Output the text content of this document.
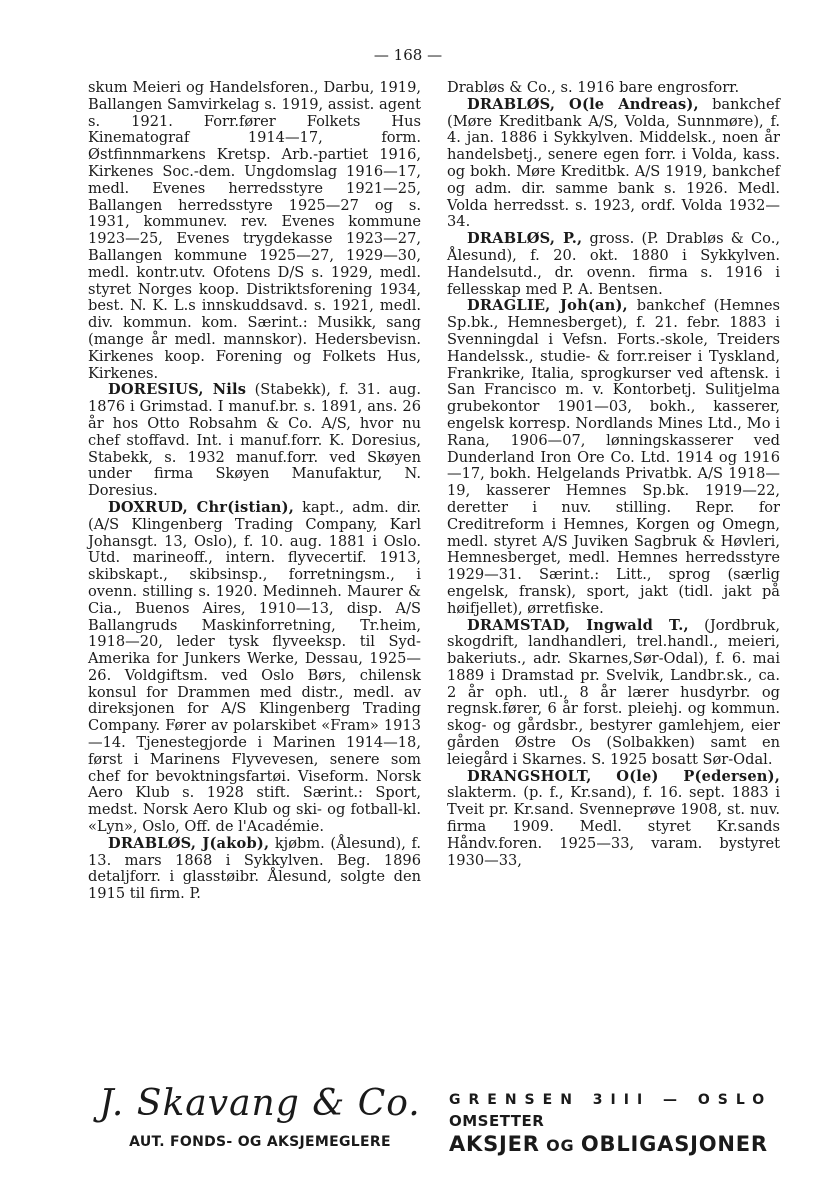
— 168 —

skum Meieri og Handelsforen., Darbu, 1919, Ballangen Samvirkelag s. 1919, assist. agent s. 1921. Forr.fører Folkets Hus Kinematograf 1914—17, form. Østfinnmarkens Kretsp. Arb.-partiet 1916, Kirkenes Soc.-dem. Ungdomslag 1916—17, medl. Evenes herredsstyre 1921—25, Ballangen herredsstyre 1925—27 og s. 1931, kommunev. rev. Evenes kommune 1923—25, Evenes trygdekasse 1923—27, Ballangen kommune 1925—27, 1929—30, medl. kontr.utv. Ofotens D/S s. 1929, medl. styret Norges koop. Distriktsforening 1934, best. N. K. L.s innskuddsavd. s. 1921, medl. div. kommun. kom. Særint.: Musikk, sang (mange år medl. mannskor). Hedersbevisn. Kirkenes koop. Forening og Folkets Hus, Kirkenes.

DORESIUS, Nils (Stabekk), f. 31. aug. 1876 i Grimstad. I manuf.br. s. 1891, ans. 26 år hos Otto Robsahm & Co. A/S, hvor nu chef stoffavd. Int. i manuf.forr. K. Doresius, Stabekk, s. 1932 manuf.forr. ved Skøyen under firma Skøyen Manufaktur, N. Doresius.

DOXRUD, Chr(istian), kapt., adm. dir. (A/S Klingenberg Trading Company, Karl Johansgt. 13, Oslo), f. 10. aug. 1881 i Oslo. Utd. marineoff., intern. flyvecertif. 1913, skibskapt., skibsinsp., forretningsm., i ovenn. stilling s. 1920. Medinneh. Maurer & Cia., Buenos Aires, 1910—13, disp. A/S Ballangruds Maskinforretning, Tr.heim, 1918—20, leder tysk flyveeksp. til Syd-Amerika for Junkers Werke, Dessau, 1925—26. Voldgiftsm. ved Oslo Børs, chilensk konsul for Drammen med distr., medl. av direksjonen for A/S Klingenberg Trading Company. Fører av polarskibet «Fram» 1913—14. Tjenestegjorde i Marinen 1914—18, først i Marinens Flyvevesen, senere som chef for bevoktningsfartøi. Viseform. Norsk Aero Klub s. 1928 stift. Særint.: Sport, medst. Norsk Aero Klub og ski- og fotball-kl. «Lyn», Oslo, Off. de l'Académie.

DRABLØS, J(akob), kjøbm. (Ålesund), f. 13. mars 1868 i Sykkylven. Beg. 1896 detaljforr. i glasstøibr. Ålesund, solgte den 1915 til firm. P.

Drabløs & Co., s. 1916 bare engrosforr.

DRABLØS, O(le Andreas), bankchef (Møre Kreditbank A/S, Volda, Sunnmøre), f. 4. jan. 1886 i Sykkylven. Middelsk., noen år handelsbetj., senere egen forr. i Volda, kass. og bokh. Møre Kreditbk. A/S 1919, bankchef og adm. dir. samme bank s. 1926. Medl. Volda herredsst. s. 1923, ordf. Volda 1932—34.

DRABLØS, P., gross. (P. Drabløs & Co., Ålesund), f. 20. okt. 1880 i Sykkylven. Handelsutd., dr. ovenn. firma s. 1916 i fellesskap med P. A. Bentsen.

DRAGLIE, Joh(an), bankchef (Hemnes Sp.bk., Hemnesberget), f. 21. febr. 1883 i Svenningdal i Vefsn. Forts.-skole, Treiders Handelssk., studie- & forr.reiser i Tyskland, Frankrike, Italia, sprogkurser ved aftensk. i San Francisco m. v. Kontorbetj. Sulitjelma grubekontor 1901—03, bokh., kasserer, engelsk korresp. Nordlands Mines Ltd., Mo i Rana, 1906—07, lønningskasserer ved Dunderland Iron Ore Co. Ltd. 1914 og 1916—17, bokh. Helgelands Privatbk. A/S 1918—19, kasserer Hemnes Sp.bk. 1919—22, deretter i nuv. stilling. Repr. for Creditreform i Hemnes, Korgen og Omegn, medl. styret A/S Juviken Sagbruk & Høvleri, Hemnesberget, medl. Hemnes herredsstyre 1929—31. Særint.: Litt., sprog (særlig engelsk, fransk), sport, jakt (tidl. jakt på høifjellet), ørretfiske.

DRAMSTAD, Ingwald T., (Jordbruk, skogdrift, landhandleri, trel.handl., meieri, bakeriuts., adr. Skarnes,Sør-Odal), f. 6. mai 1889 i Dramstad pr. Svelvik, Landbr.sk., ca. 2 år oph. utl., 8 år lærer husdyrbr. og regnsk.fører, 6 år forst. pleiehj. og kommun. skog- og gårdsbr., bestyrer gamlehjem, eier gården Østre Os (Solbakken) samt en leiegård i Skarnes. S. 1925 bosatt Sør-Odal.

DRANGSHOLT, O(le) P(edersen), slakterm. (p. f., Kr.sand), f. 16. sept. 1883 i Tveit pr. Kr.sand. Svenneprøve 1908, st. nuv. firma 1909. Medl. styret Kr.sands Håndv.foren. 1925—33, varam. bystyret 1930—33,

J. Skavang & Co.
AUT. FONDS- OG AKSJEMEGLERE
GRENSEN 3III — OSLO
OMSETTER
AKSJER OG OBLIGASJONER
